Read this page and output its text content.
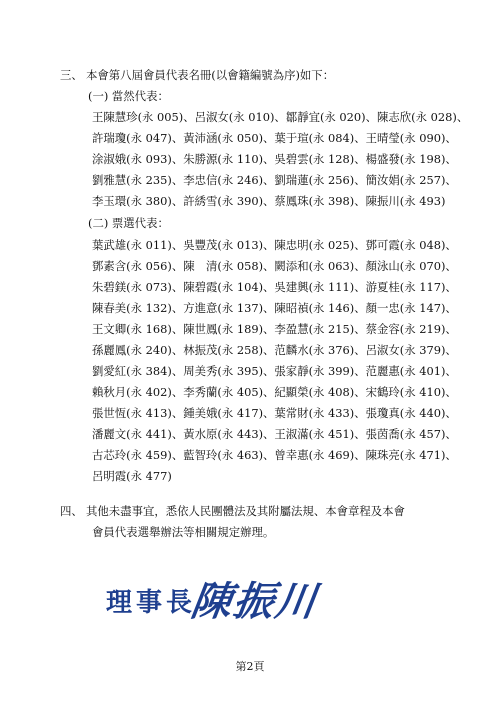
三、 本會第八屆會員代表名冊(以會籍編號為序)如下：
(一) 當然代表：
王陳慧珍(永 005)、呂淑女(永 010)、鄒靜宜(永 020)、陳志欣(永 028)、
許瑞瓊(永 047)、黃沛涵(永 050)、葉于瑄(永 084)、王晴瑩(永 090)、
涂淑娥(永 093)、朱勝源(永 110)、吳碧雲(永 128)、楊盛發(永 198)、
劉雅慧(永 235)、李忠信(永 246)、劉瑞蓮(永 256)、簡汝娟(永 257)、
李玉環(永 380)、許綉雪(永 390)、蔡鳳珠(永 398)、陳振川(永 493)
(二) 票選代表：
葉武雄(永 011)、吳豐茂(永 013)、陳忠明(永 025)、鄧可霞(永 048)、
鄧素含(永 056)、陳　清(永 058)、闕添和(永 063)、顏泳山(永 070)、
朱碧鎂(永 073)、陳碧霞(永 104)、吳建興(永 111)、游夏桂(永 117)、
陳春美(永 132)、方進意(永 137)、陳昭禎(永 146)、顏一忠(永 147)、
王文卿(永 168)、陳世鳳(永 189)、李盈慧(永 215)、蔡金容(永 219)、
孫麗鳳(永 240)、林振茂(永 258)、范麟水(永 376)、呂淑女(永 379)、
劉愛紅(永 384)、周美秀(永 395)、張家靜(永 399)、范麗惠(永 401)、
賴秋月(永 402)、李秀蘭(永 405)、紀顯榮(永 408)、宋鶴玲(永 410)、
張世恆(永 413)、鍾美娥(永 417)、葉常財(永 433)、張瓊真(永 440)、
潘麗文(永 441)、黃水原(永 443)、王淑滿(永 451)、張茵喬(永 457)、
古芯玲(永 459)、藍智玲(永 463)、曾幸惠(永 469)、陳珠亮(永 471)、
呂明霞(永 477)
四、 其他未盡事宜，悉依人民團體法及其附屬法規、本會章程及本會
會員代表選舉辦法等相關規定辦理。
理事長
陳振川
第2頁
